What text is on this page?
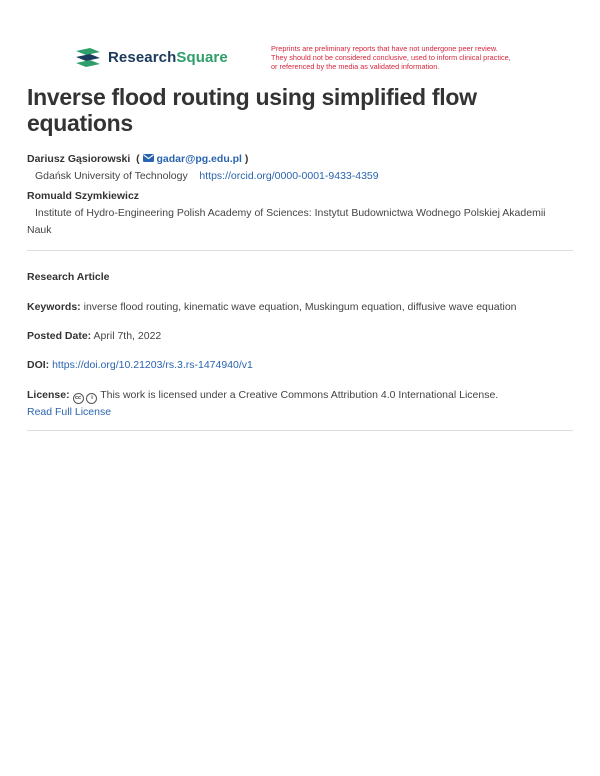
ResearchSquare	Preprints are preliminary reports that have not undergone peer review.
They should not be considered conclusive, used to inform clinical practice,
or referenced by the media as validated information.
Inverse flood routing using simplified flow equations
Dariusz Gąsiorowski  ( gadar@pg.edu.pl )
Gdańsk University of Technology https://orcid.org/0000-0001-9433-4359
Romuald Szymkiewicz
Institute of Hydro-Engineering Polish Academy of Sciences: Instytut Budownictwa Wodnego Polskiej Akademii Nauk
Research Article
Keywords: inverse flood routing, kinematic wave equation, Muskingum equation, diffusive wave equation
Posted Date: April 7th, 2022
DOI: https://doi.org/10.21203/rs.3.rs-1474940/v1
License: cc i This work is licensed under a Creative Commons Attribution 4.0 International License.
Read Full License
